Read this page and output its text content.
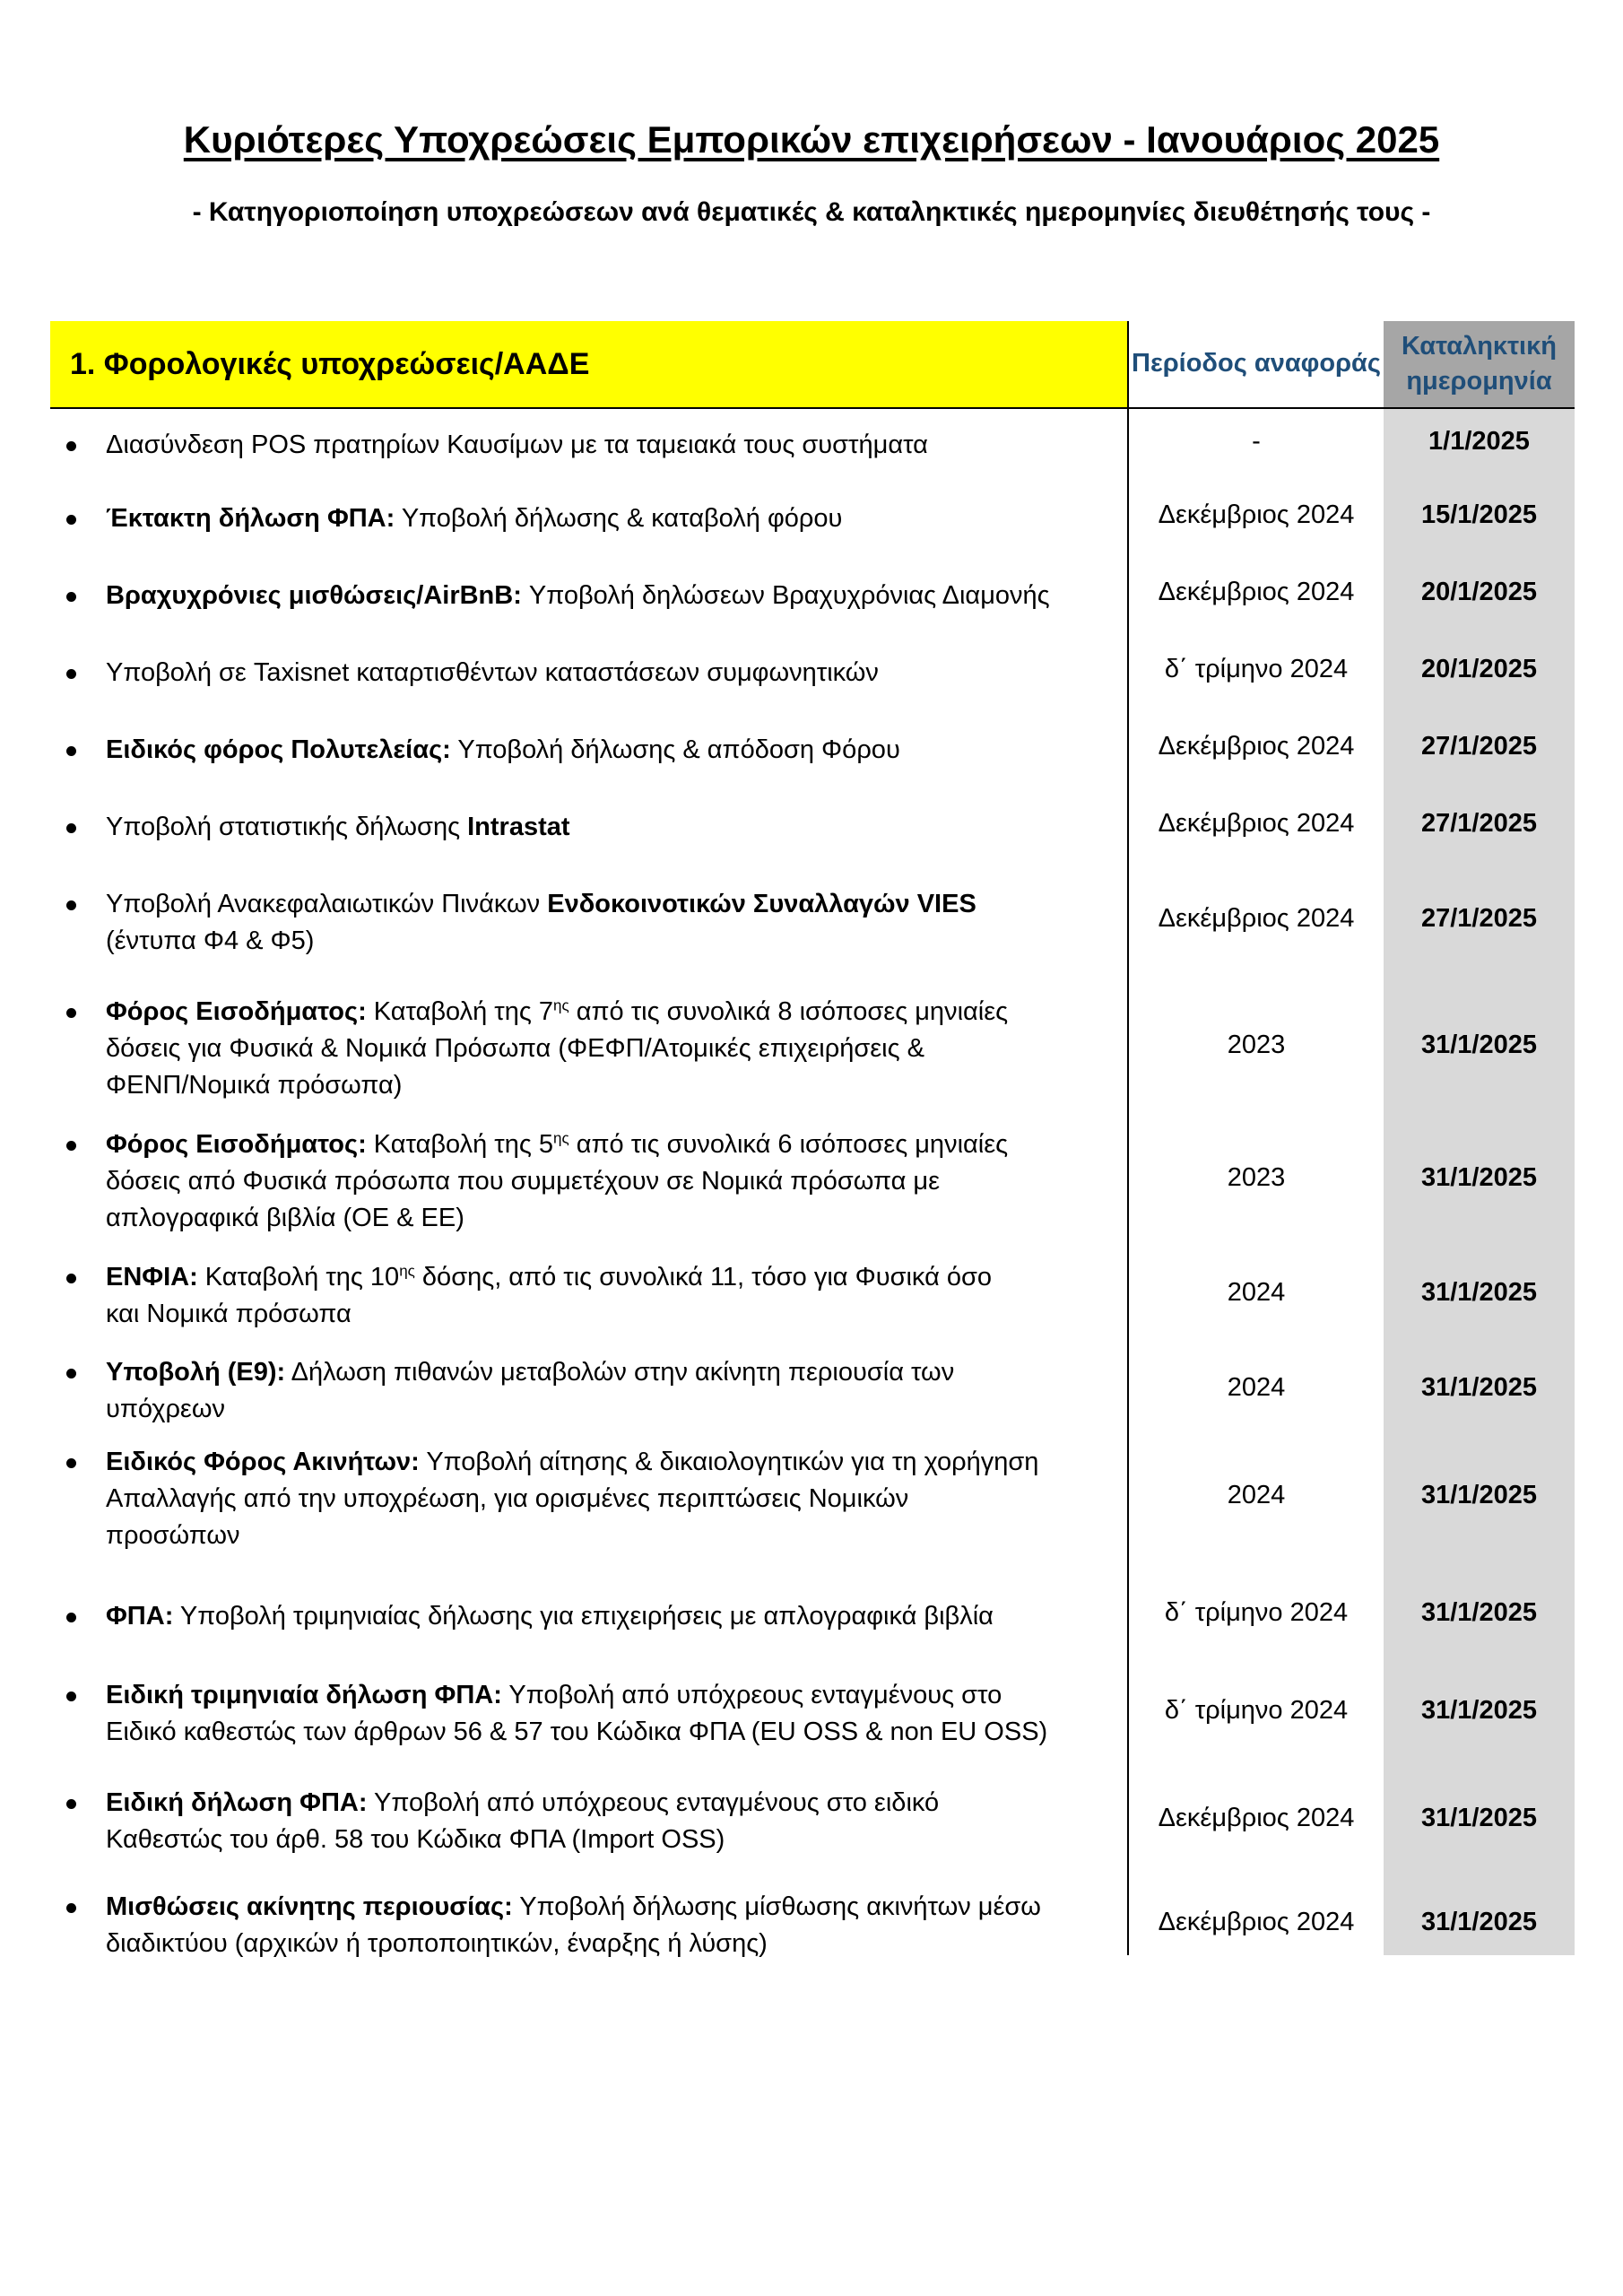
Κυριότερες Υποχρεώσεις Εμπορικών επιχειρήσεων - Ιανουάριος 2025
- Κατηγοριοποίηση υποχρεώσεων ανά θεματικές & καταληκτικές ημερομηνίες διευθέτησής τους -
1. Φορολογικές υποχρεώσεις/ΑΑΔΕ	Περίοδος αναφοράς
Καταληκτική ημερομηνία
Διασύνδεση POS πρατηρίων Καυσίμων με τα ταμειακά τους συστήματα	-	1/1/2025
Έκτακτη δήλωση ΦΠΑ: Υποβολή δήλωσης & καταβολή φόρου	Δεκέμβριος 2024	15/1/2025
Βραχυχρόνιες μισθώσεις/AirBnB: Υποβολή δηλώσεων Βραχυχρόνιας Διαμονής	Δεκέμβριος 2024	20/1/2025
Υποβολή σε Taxisnet καταρτισθέντων καταστάσεων συμφωνητικών	δ΄ τρίμηνο 2024	20/1/2025
Ειδικός φόρος Πολυτελείας: Υποβολή δήλωσης & απόδοση Φόρου	Δεκέμβριος 2024	27/1/2025
Υποβολή στατιστικής δήλωσης Intrastat	Δεκέμβριος 2024	27/1/2025
Υποβολή Ανακεφαλαιωτικών Πινάκων Ενδοκοινοτικών Συναλλαγών VIES
(έντυπα Φ4 & Φ5)
Δεκέμβριος 2024	27/1/2025
Φόρος Εισοδήματος: Καταβολή της $7^{\eta\varsigma}$ από τις συνολικά 8 ισόποσες μηνιαίες
δόσεις για Φυσικά & Νομικά Πρόσωπα (ΦΕΦΠ/Ατομικές επιχειρήσεις &
ΦΕΝΠ/Νομικά πρόσωπα)
2023	31/1/2025
Φόρος Εισοδήματος: Καταβολή της $5^{\eta\varsigma}$ από τις συνολικά 6 ισόποσες μηνιαίες
δόσεις από Φυσικά πρόσωπα που συμμετέχουν σε Νομικά πρόσωπα με
απλογραφικά βιβλία (ΟΕ & ΕΕ)
2023	31/1/2025
ΕΝΦΙΑ: Καταβολή της $10^{\eta\varsigma}$ δόσης, από τις συνολικά 11, τόσο για Φυσικά όσο
και Νομικά πρόσωπα
2024	31/1/2025
Υποβολή (Ε9): Δήλωση πιθανών μεταβολών στην ακίνητη περιουσία των
υπόχρεων
2024	31/1/2025
Ειδικός Φόρος Ακινήτων: Υποβολή αίτησης & δικαιολογητικών για τη χορήγηση
Απαλλαγής από την υποχρέωση, για ορισμένες περιπτώσεις Νομικών
προσώπων
2024	31/1/2025
ΦΠΑ: Υποβολή τριμηνιαίας δήλωσης για επιχειρήσεις με απλογραφικά βιβλία	δ΄ τρίμηνο 2024	31/1/2025
Ειδική τριμηνιαία δήλωση ΦΠΑ: Υποβολή από υπόχρεους ενταγμένους στο
Ειδικό καθεστώς των άρθρων 56 & 57 του Κώδικα ΦΠΑ (EU OSS & non EU OSS)
δ΄ τρίμηνο 2024	31/1/2025
Ειδική δήλωση ΦΠΑ: Υποβολή από υπόχρεους ενταγμένους στο ειδικό
Καθεστώς του άρθ. 58 του Κώδικα ΦΠΑ (Import OSS)
Δεκέμβριος 2024	31/1/2025
Μισθώσεις ακίνητης περιουσίας: Υποβολή δήλωσης μίσθωσης ακινήτων μέσω
διαδικτύου (αρχικών ή τροποποιητικών, έναρξης ή λύσης)
Δεκέμβριος 2024	31/1/2025
